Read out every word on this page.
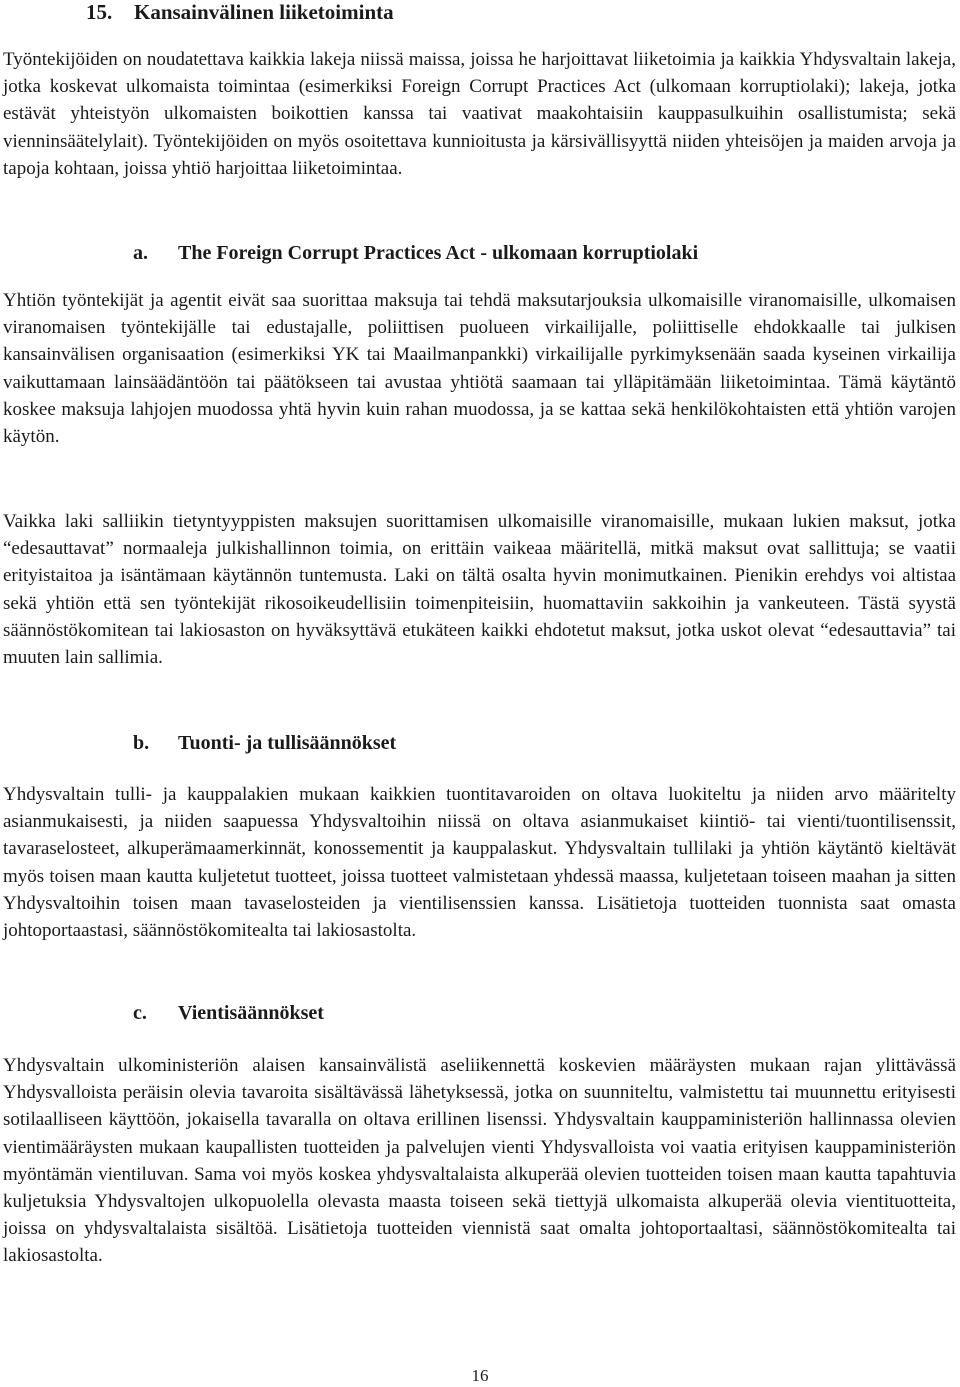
15. Kansainvälinen liiketoiminta

Työntekijöiden on noudatettava kaikkia lakeja niissä maissa, joissa he harjoittavat liiketoimia ja kaikkia Yhdysvaltain lakeja, jotka koskevat ulkomaista toimintaa (esimerkiksi Foreign Corrupt Practices Act (ulkomaan korruptiolaki); lakeja, jotka estävät yhteistyön ulkomaisten boikottien kanssa tai vaativat maakohtaisiin kauppasulkuihin osallistumista; sekä vienninsäätelylait). Työntekijöiden on myös osoitettava kunnioitusta ja kärsivällisyyttä niiden yhteisöjen ja maiden arvoja ja tapoja kohtaan, joissa yhtiö harjoittaa liiketoimintaa.

a. The Foreign Corrupt Practices Act - ulkomaan korruptiolaki

Yhtiön työntekijät ja agentit eivät saa suorittaa maksuja tai tehdä maksutarjouksia ulkomaisille viranomaisille, ulkomaisen viranomaisen työntekijälle tai edustajalle, poliittisen puolueen virkailijalle, poliittiselle ehdokkaalle tai julkisen kansainvälisen organisaation (esimerkiksi YK tai Maailmanpankki) virkailijalle pyrkimyksenään saada kyseinen virkailija vaikuttamaan lainsäädäntöön tai päätökseen tai avustaa yhtiötä saamaan tai ylläpitämään liiketoimintaa. Tämä käytäntö koskee maksuja lahjojen muodossa yhtä hyvin kuin rahan muodossa, ja se kattaa sekä henkilökohtaisten että yhtiön varojen käytön.

Vaikka laki salliikin tietyntyyppisten maksujen suorittamisen ulkomaisille viranomaisille, mukaan lukien maksut, jotka “edesauttavat” normaaleja julkishallinnon toimia, on erittäin vaikeaa määritellä, mitkä maksut ovat sallittuja; se vaatii erityistaitoa ja isäntämaan käytännön tuntemusta. Laki on tältä osalta hyvin monimutkainen. Pienikin erehdys voi altistaa sekä yhtiön että sen työntekijät rikosoikeudellisiin toimenpiteisiin, huomattaviin sakkoihin ja vankeuteen. Tästä syystä säännöstökomitean tai lakiosaston on hyväksyttävä etukäteen kaikki ehdotetut maksut, jotka uskot olevat “edesauttavia” tai muuten lain sallimia.

b. Tuonti- ja tullisäännökset

Yhdysvaltain tulli- ja kauppalakien mukaan kaikkien tuontitavaroiden on oltava luokiteltu ja niiden arvo määritelty asianmukaisesti, ja niiden saapuessa Yhdysvaltoihin niissä on oltava asianmukaiset kiintiö- tai vienti/tuontilisenssit, tavaraselosteet, alkuperämaamerkinnät, konossementit ja kauppalaskut. Yhdysvaltain tullilaki ja yhtiön käytäntö kieltävät myös toisen maan kautta kuljetetut tuotteet, joissa tuotteet valmistetaan yhdessä maassa, kuljetetaan toiseen maahan ja sitten Yhdysvaltoihin toisen maan tavaselosteiden ja vientilisenssien kanssa. Lisätietoja tuotteiden tuonnista saat omasta johtoportaastasi, säännöstökomitealta tai lakiosastolta.

c. Vientisäännökset

Yhdysvaltain ulkoministeriön alaisen kansainvälistä aseliikennettä koskevien määräysten mukaan rajan ylittävässä Yhdysvalloista peräisin olevia tavaroita sisältävässä lähetyksessä, jotka on suunniteltu, valmistettu tai muunnettu erityisesti sotilaalliseen käyttöön, jokaisella tavaralla on oltava erillinen lisenssi. Yhdysvaltain kauppaministeriön hallinnassa olevien vientimääräysten mukaan kaupallisten tuotteiden ja palvelujen vienti Yhdysvalloista voi vaatia erityisen kauppaministeriön myöntämän vientiluvan. Sama voi myös koskea yhdysvaltalaista alkuperää olevien tuotteiden toisen maan kautta tapahtuvia kuljetuksia Yhdysvaltojen ulkopuolella olevasta maasta toiseen sekä tiettyjä ulkomaista alkuperää olevia vientituotteita, joissa on yhdysvaltalaista sisältöä. Lisätietoja tuotteiden viennistä saat omalta johtoportaaltasi, säännöstökomitealta tai lakiosastolta.

16
